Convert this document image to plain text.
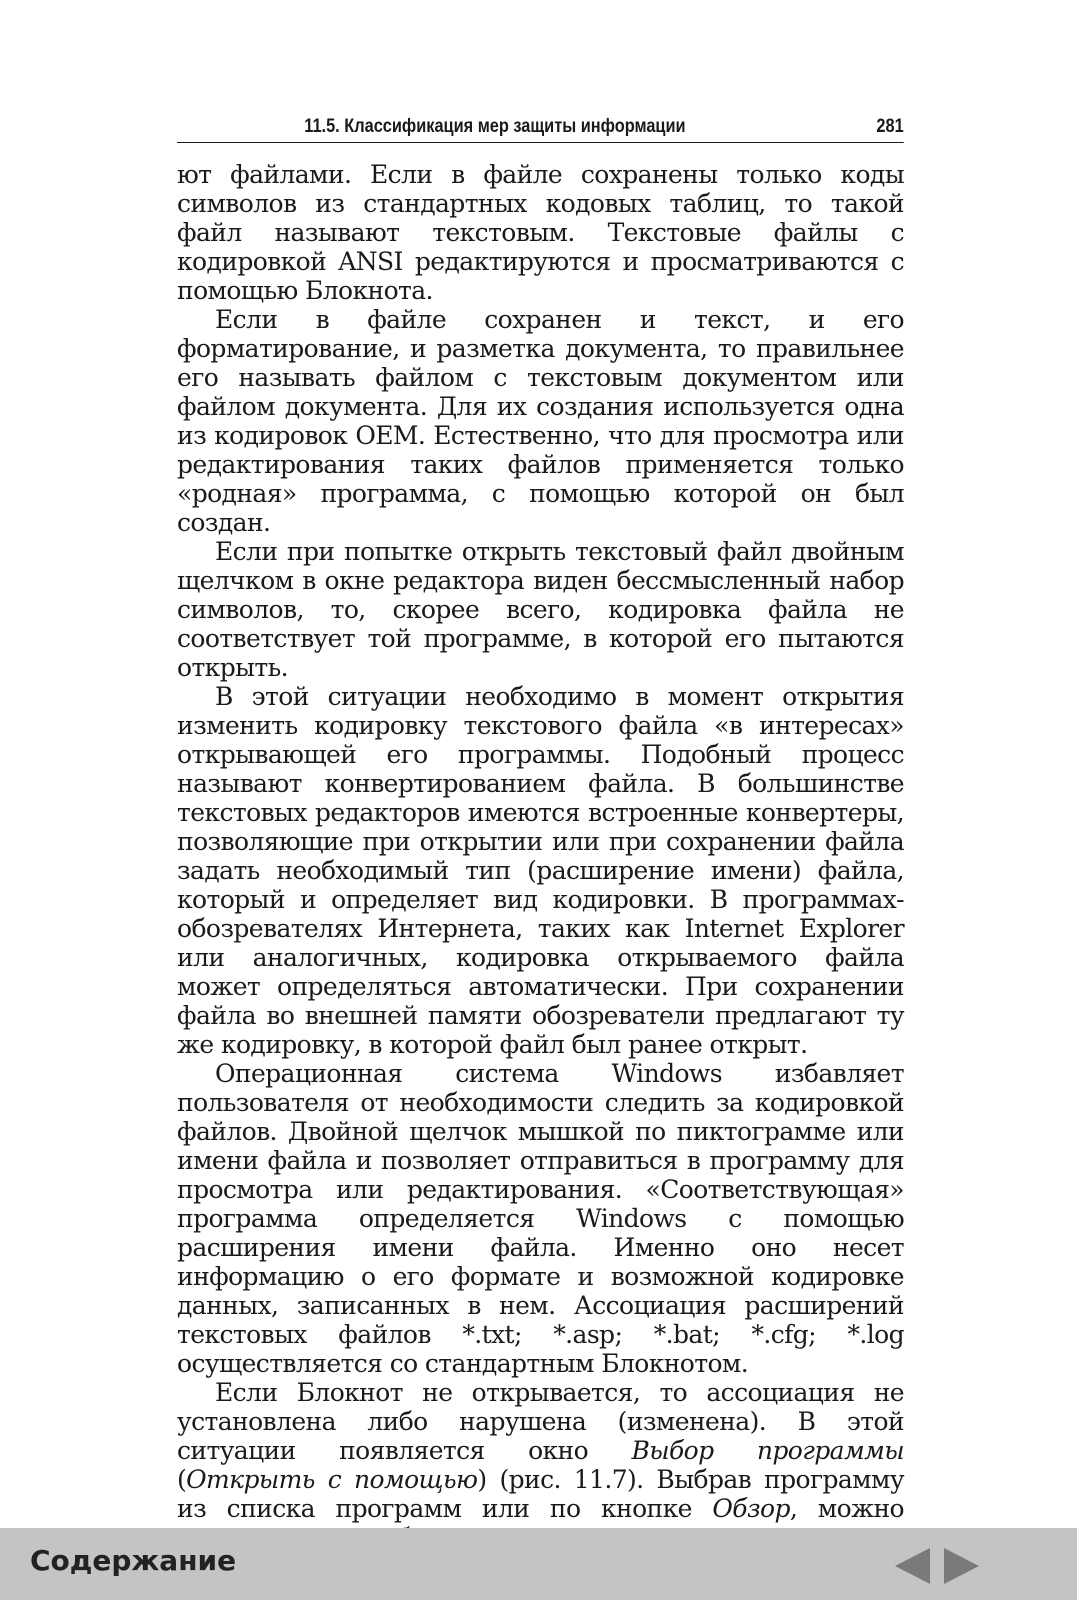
11.5. Классификация мер защиты информации	281

ют файлами. Если в файле сохранены только коды символов из стандартных кодовых таблиц, то такой файл называют текстовым. Текстовые файлы с кодировкой ANSI редактируются и просматриваются с помощью Блокнота.

Если в файле сохранен и текст, и его форматирование, и разметка документа, то правильнее его называть файлом с текстовым документом или файлом документа. Для их создания используется одна из кодировок OEM. Естественно, что для просмотра или редактирования таких файлов применяется только «родная» программа, с помощью которой он был создан.

Если при попытке открыть текстовый файл двойным щелчком в окне редактора виден бессмысленный набор символов, то, скорее всего, кодировка файла не соответствует той программе, в которой его пытаются открыть.

В этой ситуации необходимо в момент открытия изменить кодировку текстового файла «в интересах» открывающей его программы. Подобный процесс называют конвертированием файла. В большинстве текстовых редакторов имеются встроенные конвертеры, позволяющие при открытии или при сохранении файла задать необходимый тип (расширение имени) файла, который и определяет вид кодировки. В программах-обозревателях Интернета, таких как Internet Explorer или аналогичных, кодировка открываемого файла может определяться автоматически. При сохранении файла во внешней памяти обозреватели предлагают ту же кодировку, в которой файл был ранее открыт.

Операционная система Windows избавляет пользователя от необходимости следить за кодировкой файлов. Двойной щелчок мышкой по пиктограмме или имени файла и позволяет отправиться в программу для просмотра или редактирования. «Соответствующая» программа определяется Windows с помощью расширения имени файла. Именно оно несет информацию о его формате и возможной кодировке данных, записанных в нем. Ассоциация расширений текстовых файлов *.txt; *.asp; *.bat; *.cfg; *.log осуществляется со стандартным Блокнотом.

Если Блокнот не открывается, то ассоциация не установлена либо нарушена (изменена). В этой ситуации появляется окно Выбор программы (Открыть с помощью) (рис. 11.7). Выбрав программу из списка программ или по кнопке Обзор, можно

Содержание
